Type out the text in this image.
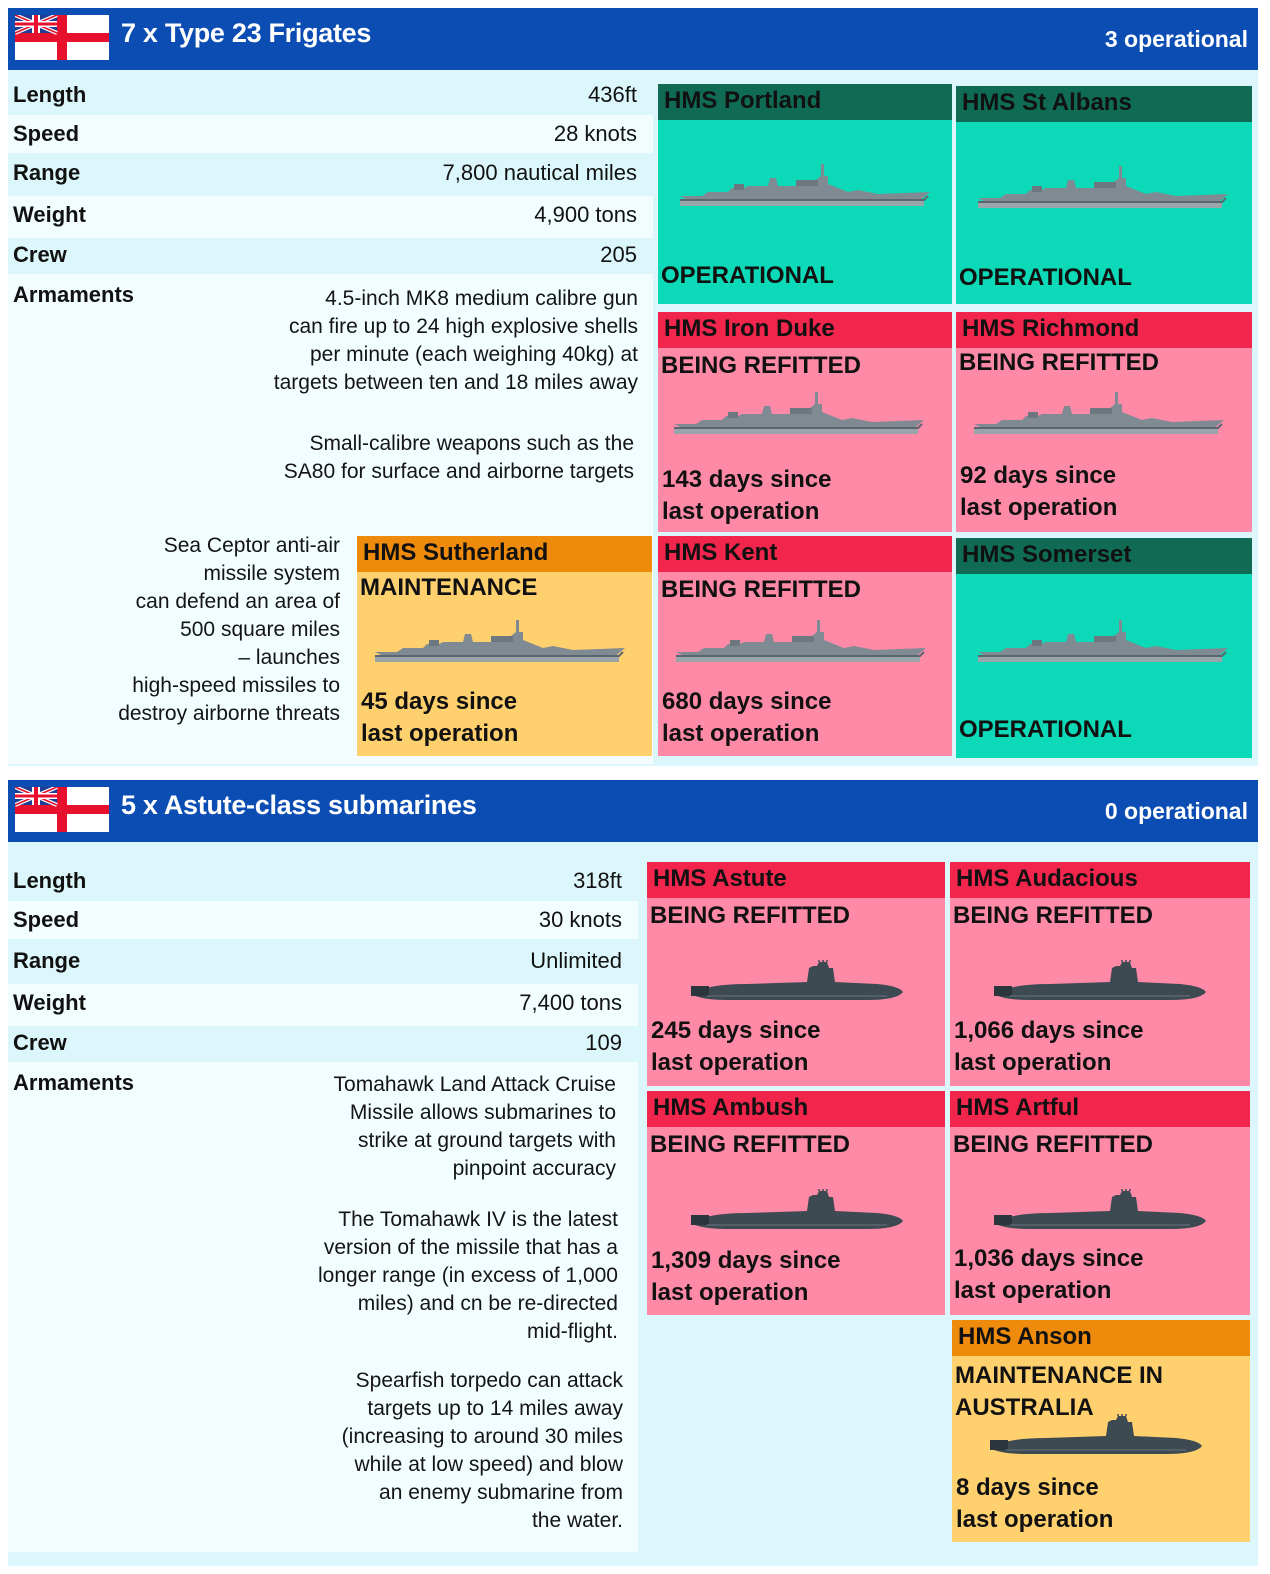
7 x Type 23 Frigates	3 operational
Length	436ft
Speed	28 knots
Range	7,800 nautical miles
Weight	4,900 tons
Crew	205
Armaments	4.5-inch MK8 medium calibre gun
can fire up to 24 high explosive shells
per minute (each weighing 40kg) at
targets between ten and 18 miles away
Small-calibre weapons such as the
SA80 for surface and airborne targets
Sea Ceptor anti-air
missile system
can defend an area of
500 square miles
– launches
high-speed missiles to
destroy airborne threats
HMS Portland
OPERATIONAL
HMS St Albans
OPERATIONAL
HMS Iron Duke
BEING REFITTED
143 days since
last operation
HMS Richmond
BEING REFITTED
92 days since
last operation
HMS Sutherland
MAINTENANCE
45 days since
last operation
HMS Kent
BEING REFITTED
680 days since
last operation
HMS Somerset
OPERATIONAL
5 x Astute-class submarines	0 operational
Length	318ft
Speed	30 knots
Range	Unlimited
Weight	7,400 tons
Crew	109
Armaments	Tomahawk Land Attack Cruise
Missile allows submarines to
strike at ground targets with
pinpoint accuracy
The Tomahawk IV is the latest
version of the missile that has a
longer range (in excess of 1,000
miles) and cn be re-directed
mid-flight.
Spearfish torpedo can attack
targets up to 14 miles away
(increasing to around 30 miles
while at low speed) and blow
an enemy submarine from
the water.
HMS Astute
BEING REFITTED
245 days since
last operation
HMS Audacious
BEING REFITTED
1,066 days since
last operation
HMS Ambush
BEING REFITTED
1,309 days since
last operation
HMS Artful
BEING REFITTED
1,036 days since
last operation
HMS Anson
MAINTENANCE IN
AUSTRALIA
8 days since
last operation
